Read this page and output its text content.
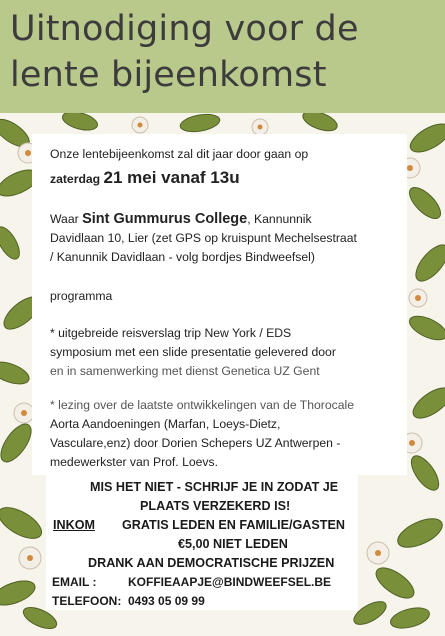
Uitnodiging voor de
lente bijeenkomst
Onze lentebijeenkomst zal dit jaar door gaan op
zaterdag 21 mei vanaf 13u
Waar Sint Gummurus College, Kannunnik
Davidlaan 10, Lier (zet GPS op kruispunt Mechelsestraat
/ Kanunnik Davidlaan - volg bordjes Bindweefsel)
programma
* uitgebreide reisverslag trip New York / EDS
symposium met een slide presentatie gelevered door
en in samenwerking met dienst Genetica UZ Gent
* lezing over de laatste ontwikkelingen van de Thorocale
Aorta Aandoeningen (Marfan, Loeys-Dietz,
Vasculare,enz) door Dorien Schepers UZ Antwerpen -
medewerkster van Prof. Loevs.
MIS HET NIET - SCHRIJF JE IN ZODAT JE
PLAATS VERZEKERD IS!
INKOM GRATIS LEDEN EN FAMILIE/GASTEN
€5,00 NIET LEDEN
DRANK AAN DEMOCRATISCHE PRIJZEN
EMAIL :	KOFFIEAAPJE@BINDWEEFSEL.BE
TELEFOON: 0493 05 09 99
